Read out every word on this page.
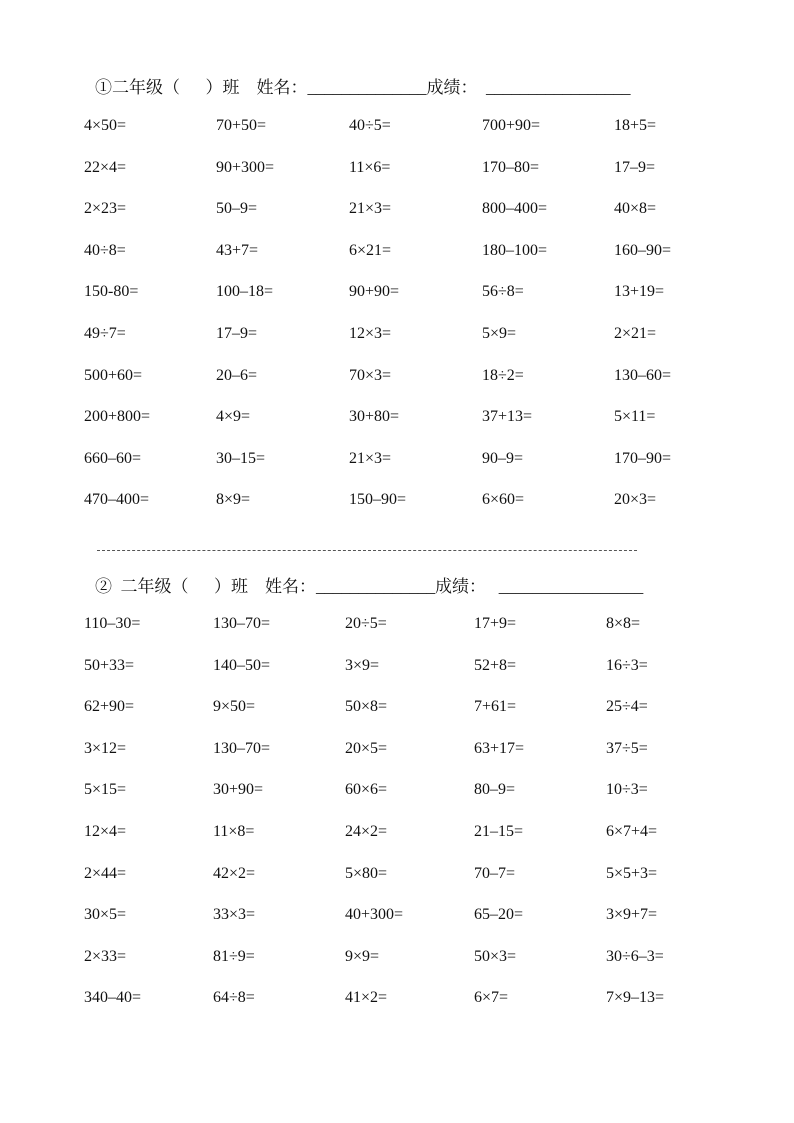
①二年级（      ）班    姓名：______________成绩：  _________________
4×50=	70+50=	40÷5=	700+90=	18+5=
22×4=	90+300=	11×6=	170–80=	17–9=
2×23=	50–9=	21×3=	800–400=	40×8=
40÷8=	43+7=	6×21=	180–100=	160–90=
150-80=	100–18=	90+90=	56÷8=	13+19=
49÷7=	17–9=	12×3=	5×9=	2×21=
500+60=	20–6=	70×3=	18÷2=	130–60=
200+800=	4×9=	30+80=	37+13=	5×11=
660–60=	30–15=	21×3=	90–9=	170–90=
470–400=	8×9=	150–90=	6×60=	20×3=
②  二年级（      ）班    姓名：______________成绩：   _________________
110–30=	130–70=	20÷5=	17+9=	8×8=
50+33=	140–50=	3×9=	52+8=	16÷3=
62+90=	9×50=	50×8=	7+61=	25÷4=
3×12=	130–70=	20×5=	63+17=	37÷5=
5×15=	30+90=	60×6=	80–9=	10÷3=
12×4=	11×8=	24×2=	21–15=	6×7+4=
2×44=	42×2=	5×80=	70–7=	5×5+3=
30×5=	33×3=	40+300=	65–20=	3×9+7=
2×33=	81÷9=	9×9=	50×3=	30÷6–3=
340–40=	64÷8=	41×2=	6×7=	7×9–13=
